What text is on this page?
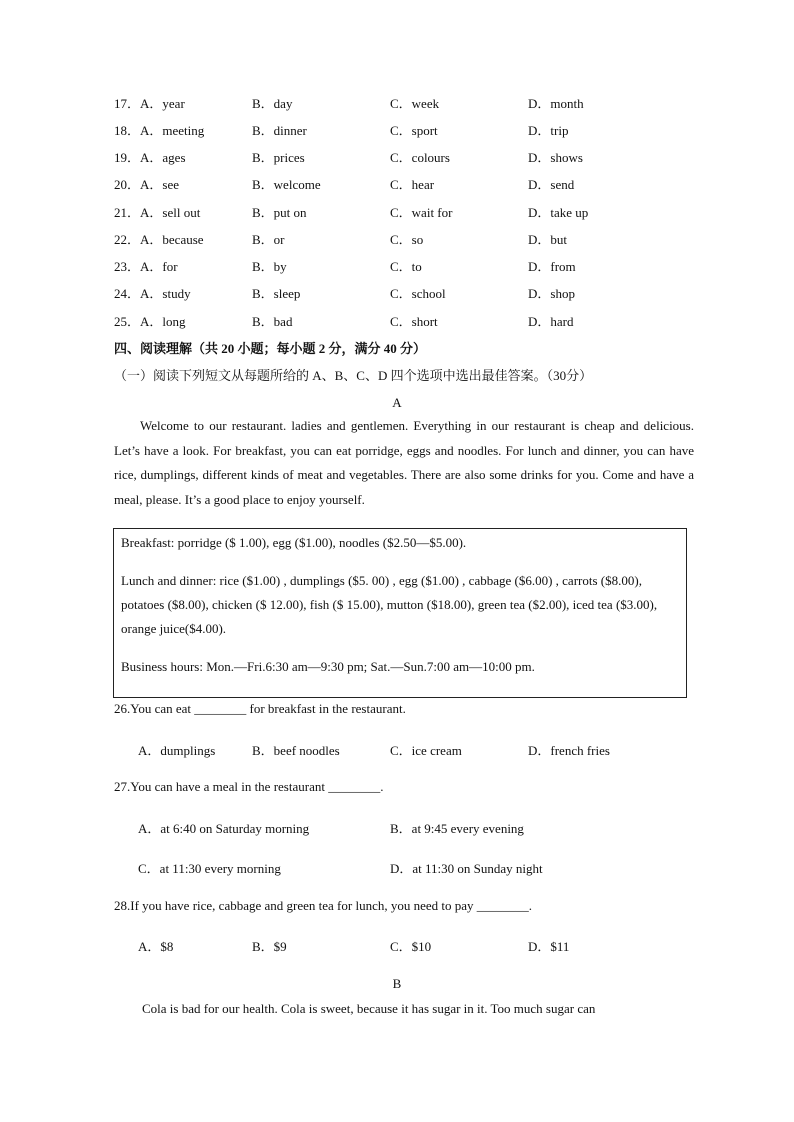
17．A．year	B．day	C．week	D．month
18．A．meeting	B．dinner	C．sport	D．trip
19．A．ages	B．prices	C．colours	D．shows
20．A．see	B．welcome	C．hear	D．send
21．A．sell out	B．put on	C．wait for	D．take up
22．A．because	B．or	C．so	D．but
23．A．for	B．by	C．to	D．from
24．A．study	B．sleep	C．school	D．shop
25．A．long	B．bad	C．short	D．hard
四、阅读理解（共 20 小题；每小题 2 分，满分 40 分）
（一）阅读下列短文从每题所给的 A、B、C、D 四个选项中选出最佳答案。（30分）
A

Welcome to our restaurant. ladies and gentlemen. Everything in our restaurant is cheap and delicious. Let’s have a look. For breakfast, you can eat porridge, eggs and noodles. For lunch and dinner, you can have rice, dumplings, different kinds of meat and vegetables. There are also some drinks for you. Come and have a meal, please. It’s a good place to enjoy yourself.

Breakfast: porridge ($ 1.00), egg ($1.00), noodles ($2.50—$5.00).
Lunch and dinner: rice ($1.00) , dumplings ($5. 00) , egg ($1.00) , cabbage ($6.00) , carrots ($8.00), potatoes ($8.00), chicken ($ 12.00), fish ($ 15.00), mutton ($18.00), green tea ($2.00), iced tea ($3.00), orange juice($4.00).
Business hours: Mon.—Fri.6:30 am—9:30 pm; Sat.—Sun.7:00 am—10:00 pm.
26.You can eat ________ for breakfast in the restaurant.
A．dumplings	B．beef noodles	C．ice cream	D．french fries
27.You can have a meal in the restaurant ________.
A．at 6:40 on Saturday morning	B．at 9:45 every evening
C．at 11:30 every morning	D．at 11:30 on Sunday night
28.If you have rice, cabbage and green tea for lunch, you need to pay ________.
A．$8	B．$9	C．$10	D．$11
B
Cola is bad for our health. Cola is sweet, because it has sugar in it. Too much sugar can
